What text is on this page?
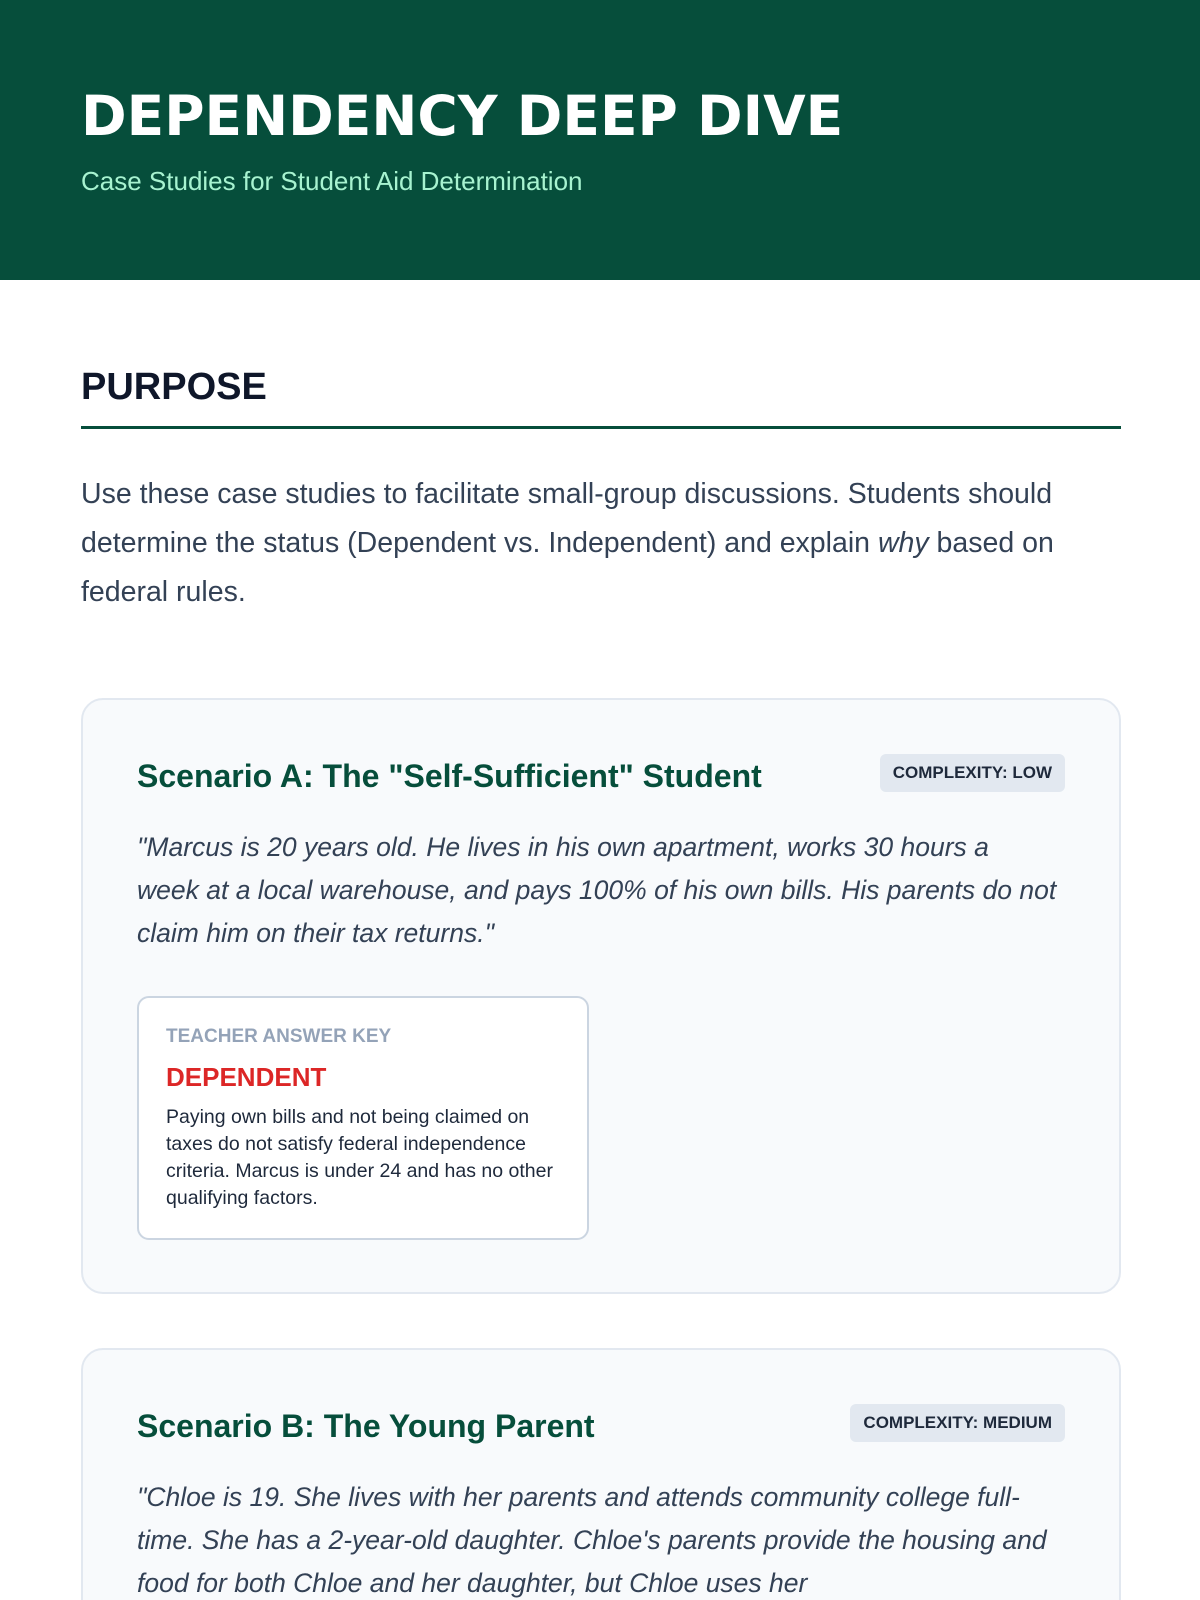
DEPENDENCY DEEP DIVE
Case Studies for Student Aid Determination
PURPOSE

Use these case studies to facilitate small-group discussions. Students should determine the status (Dependent vs. Independent) and explain why based on federal rules.

Scenario A: The "Self-Sufficient" Student	COMPLEXITY: LOW

"Marcus is 20 years old. He lives in his own apartment, works 30 hours a week at a local warehouse, and pays 100% of his own bills. His parents do not claim him on their tax returns."

TEACHER ANSWER KEY
DEPENDENT

Paying own bills and not being claimed on taxes do not satisfy federal independence criteria. Marcus is under 24 and has no other qualifying factors.

Scenario B: The Young Parent	COMPLEXITY: MEDIUM

"Chloe is 19. She lives with her parents and attends community college full-time. She has a 2-year-old daughter. Chloe's parents provide the housing and food for both Chloe and her daughter, but Chloe uses her
